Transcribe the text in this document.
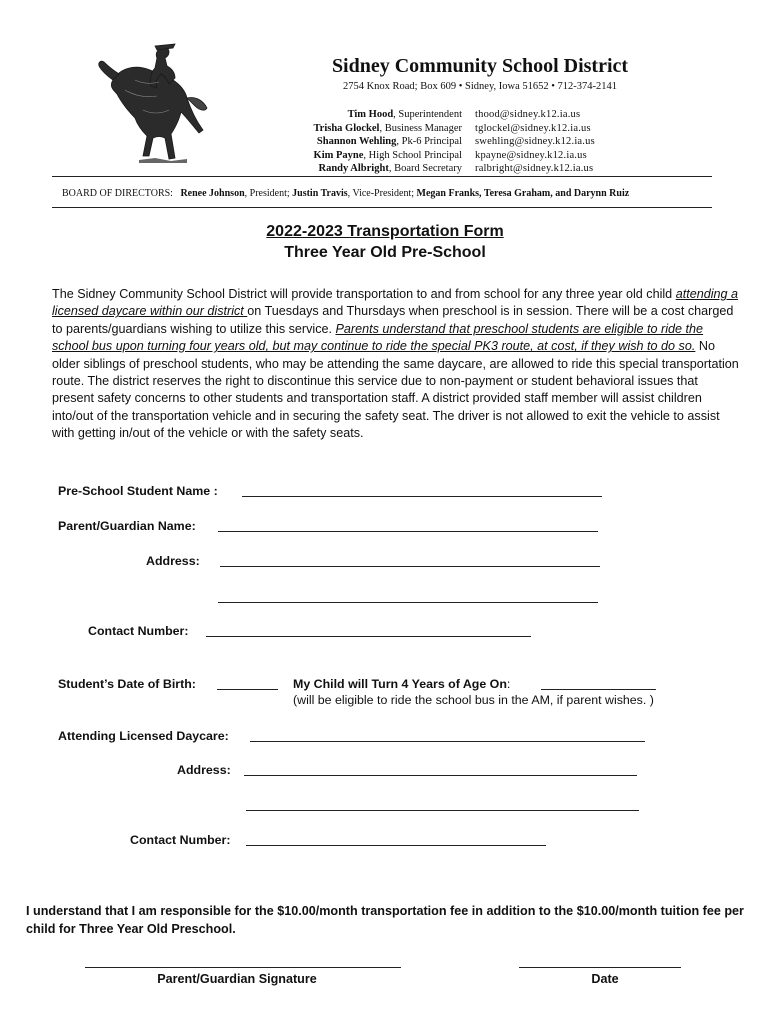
Sidney Community School District
2754 Knox Road; Box 609 • Sidney, Iowa 51652 • 712-374-2141
Tim Hood, Superintendent
Trisha Glockel, Business Manager
Shannon Wehling, Pk-6 Principal
Kim Payne, High School Principal
Randy Albright, Board Secretary
thood@sidney.k12.ia.us
tglockel@sidney.k12.ia.us
swehling@sidney.k12.ia.us
kpayne@sidney.k12.ia.us
ralbright@sidney.k12.ia.us
BOARD OF DIRECTORS: Renee Johnson, President; Justin Travis, Vice-President; Megan Franks, Teresa Graham, and Darynn Ruiz
2022-2023 Transportation Form
Three Year Old Pre-School
The Sidney Community School District will provide transportation to and from school for any three year old child attending a licensed daycare within our district on Tuesdays and Thursdays when preschool is in session. There will be a cost charged to parents/guardians wishing to utilize this service. Parents understand that preschool students are eligible to ride the school bus upon turning four years old, but may continue to ride the special PK3 route, at cost, if they wish to do so. No older siblings of preschool students, who may be attending the same daycare, are allowed to ride this special transportation route. The district reserves the right to discontinue this service due to non-payment or student behavioral issues that present safety concerns to other students and transportation staff. A district provided staff member will assist children into/out of the transportation vehicle and in securing the safety seat. The driver is not allowed to exit the vehicle to assist with getting in/out of the vehicle or with the safety seats.
Pre-School Student Name :
Parent/Guardian Name:
Address:
Contact Number:
Student’s Date of Birth:	My Child will Turn 4 Years of Age On:
(will be eligible to ride the school bus in the AM, if parent wishes. )
Attending Licensed Daycare:
Address:
Contact Number:
I understand that I am responsible for the $10.00/month transportation fee in addition to the $10.00/month tuition fee per child for Three Year Old Preschool.
Parent/Guardian Signature	Date
